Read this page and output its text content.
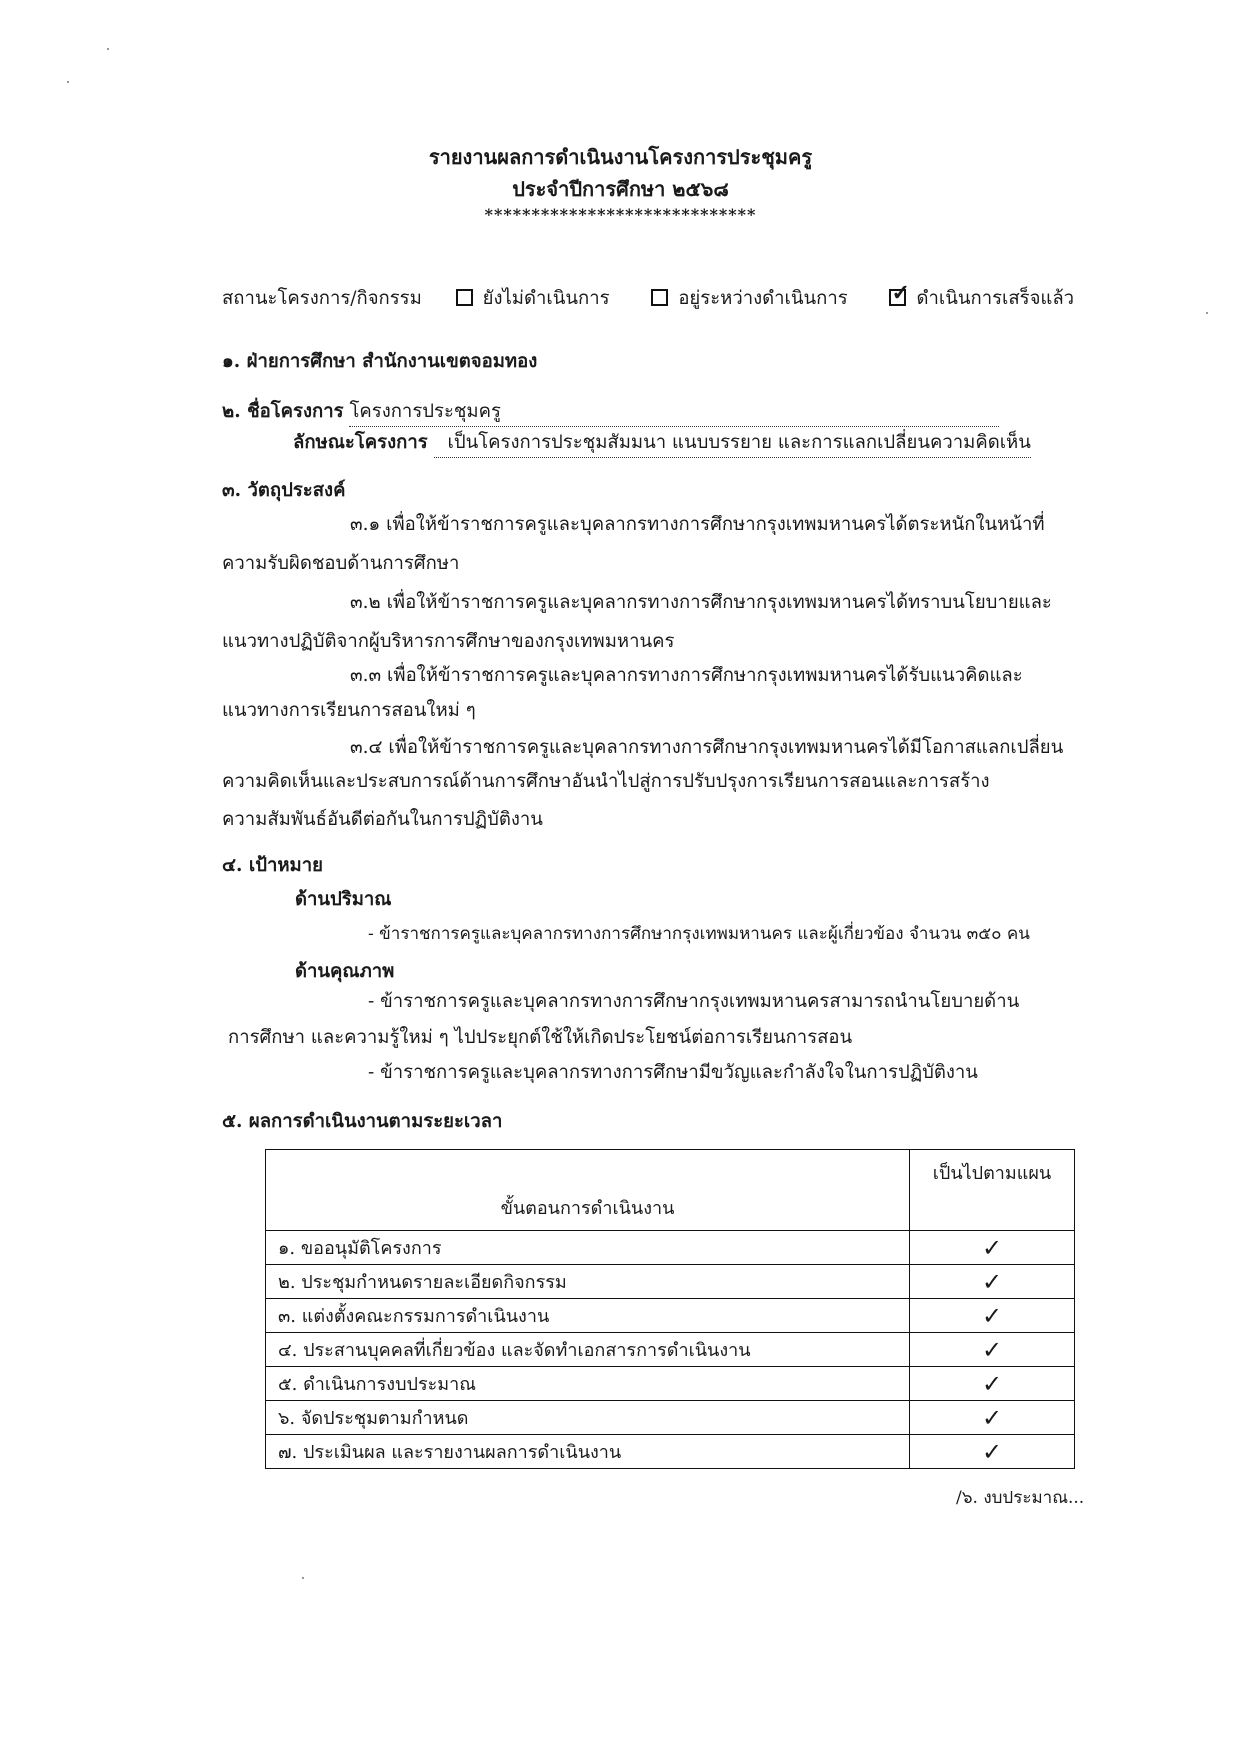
รายงานผลการดำเนินงานโครงการประชุมครู
ประจำปีการศึกษา ๒๕๖๘
*****************************
สถานะโครงการ/กิจกรรม	ยังไม่ดำเนินการ	อยู่ระหว่างดำเนินการ ✓ ดำเนินการเสร็จแล้ว
๑. ฝ่ายการศึกษา สำนักงานเขตจอมทอง
๒. ชื่อโครงการ โครงการประชุมครู
ลักษณะโครงการ เป็นโครงการประชุมสัมมนา แนบบรรยาย และการแลกเปลี่ยนความคิดเห็น
๓. วัตถุประสงค์
๓.๑ เพื่อให้ข้าราชการครูและบุคลากรทางการศึกษากรุงเทพมหานครได้ตระหนักในหน้าที่
ความรับผิดชอบด้านการศึกษา
๓.๒ เพื่อให้ข้าราชการครูและบุคลากรทางการศึกษากรุงเทพมหานครได้ทราบนโยบายและ
แนวทางปฏิบัติจากผู้บริหารการศึกษาของกรุงเทพมหานคร
๓.๓ เพื่อให้ข้าราชการครูและบุคลากรทางการศึกษากรุงเทพมหานครได้รับแนวคิดและ
แนวทางการเรียนการสอนใหม่ ๆ
๓.๔ เพื่อให้ข้าราชการครูและบุคลากรทางการศึกษากรุงเทพมหานครได้มีโอกาสแลกเปลี่ยน
ความคิดเห็นและประสบการณ์ด้านการศึกษาอันนำไปสู่การปรับปรุงการเรียนการสอนและการสร้าง
ความสัมพันธ์อันดีต่อกันในการปฏิบัติงาน
๔. เป้าหมาย
ด้านปริมาณ
- ข้าราชการครูและบุคลากรทางการศึกษากรุงเทพมหานคร และผู้เกี่ยวข้อง จำนวน ๓๕๐ คน
ด้านคุณภาพ
- ข้าราชการครูและบุคลากรทางการศึกษากรุงเทพมหานครสามารถนำนโยบายด้าน
การศึกษา และความรู้ใหม่ ๆ ไปประยุกต์ใช้ให้เกิดประโยชน์ต่อการเรียนการสอน
- ข้าราชการครูและบุคลากรทางการศึกษามีขวัญและกำลังใจในการปฏิบัติงาน
๕. ผลการดำเนินงานตามระยะเวลา
ขั้นตอนการดำเนินงาน	เป็นไปตามแผน
๑. ขออนุมัติโครงการ	✓
๒. ประชุมกำหนดรายละเอียดกิจกรรม	✓
๓. แต่งตั้งคณะกรรมการดำเนินงาน	✓
๔. ประสานบุคคลที่เกี่ยวข้อง และจัดทำเอกสารการดำเนินงาน	✓
๕. ดำเนินการงบประมาณ	✓
๖. จัดประชุมตามกำหนด	✓
๗. ประเมินผล และรายงานผลการดำเนินงาน	✓
/๖. งบประมาณ...
